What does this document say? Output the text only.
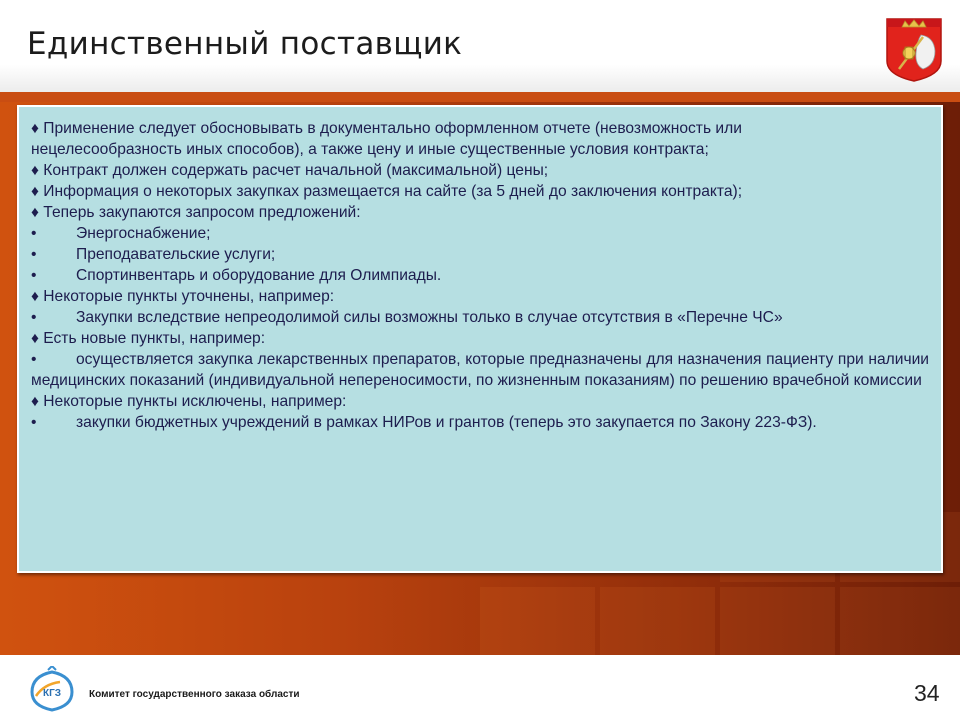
Единственный поставщик
♦ Применение следует обосновывать в документально оформленном отчете (невозможность или
нецелесообразность иных способов), а также цену и иные существенные условия контракта;
♦ Контракт должен содержать расчет начальной (максимальной) цены;
♦ Информация о некоторых закупках размещается на сайте (за 5 дней до заключения контракта);
♦ Теперь закупаются запросом предложений:
•	Энергоснабжение;
•	Преподавательские услуги;
•	Спортинвентарь и оборудование для Олимпиады.
♦ Некоторые пункты уточнены, например:
•	Закупки вследствие непреодолимой силы возможны только в случае отсутствия в «Перечне ЧС»
♦ Есть новые пункты, например:
•	осуществляется закупка лекарственных препаратов, которые предназначены для назначения пациенту при наличии медицинских показаний (индивидуальной непереносимости, по жизненным показаниям) по решению врачебной комиссии
♦ Некоторые пункты исключены, например:
•	закупки бюджетных учреждений в рамках НИРов и грантов (теперь это закупается по Закону 223-ФЗ).
КГЗ	Комитет государственного заказа области	34
